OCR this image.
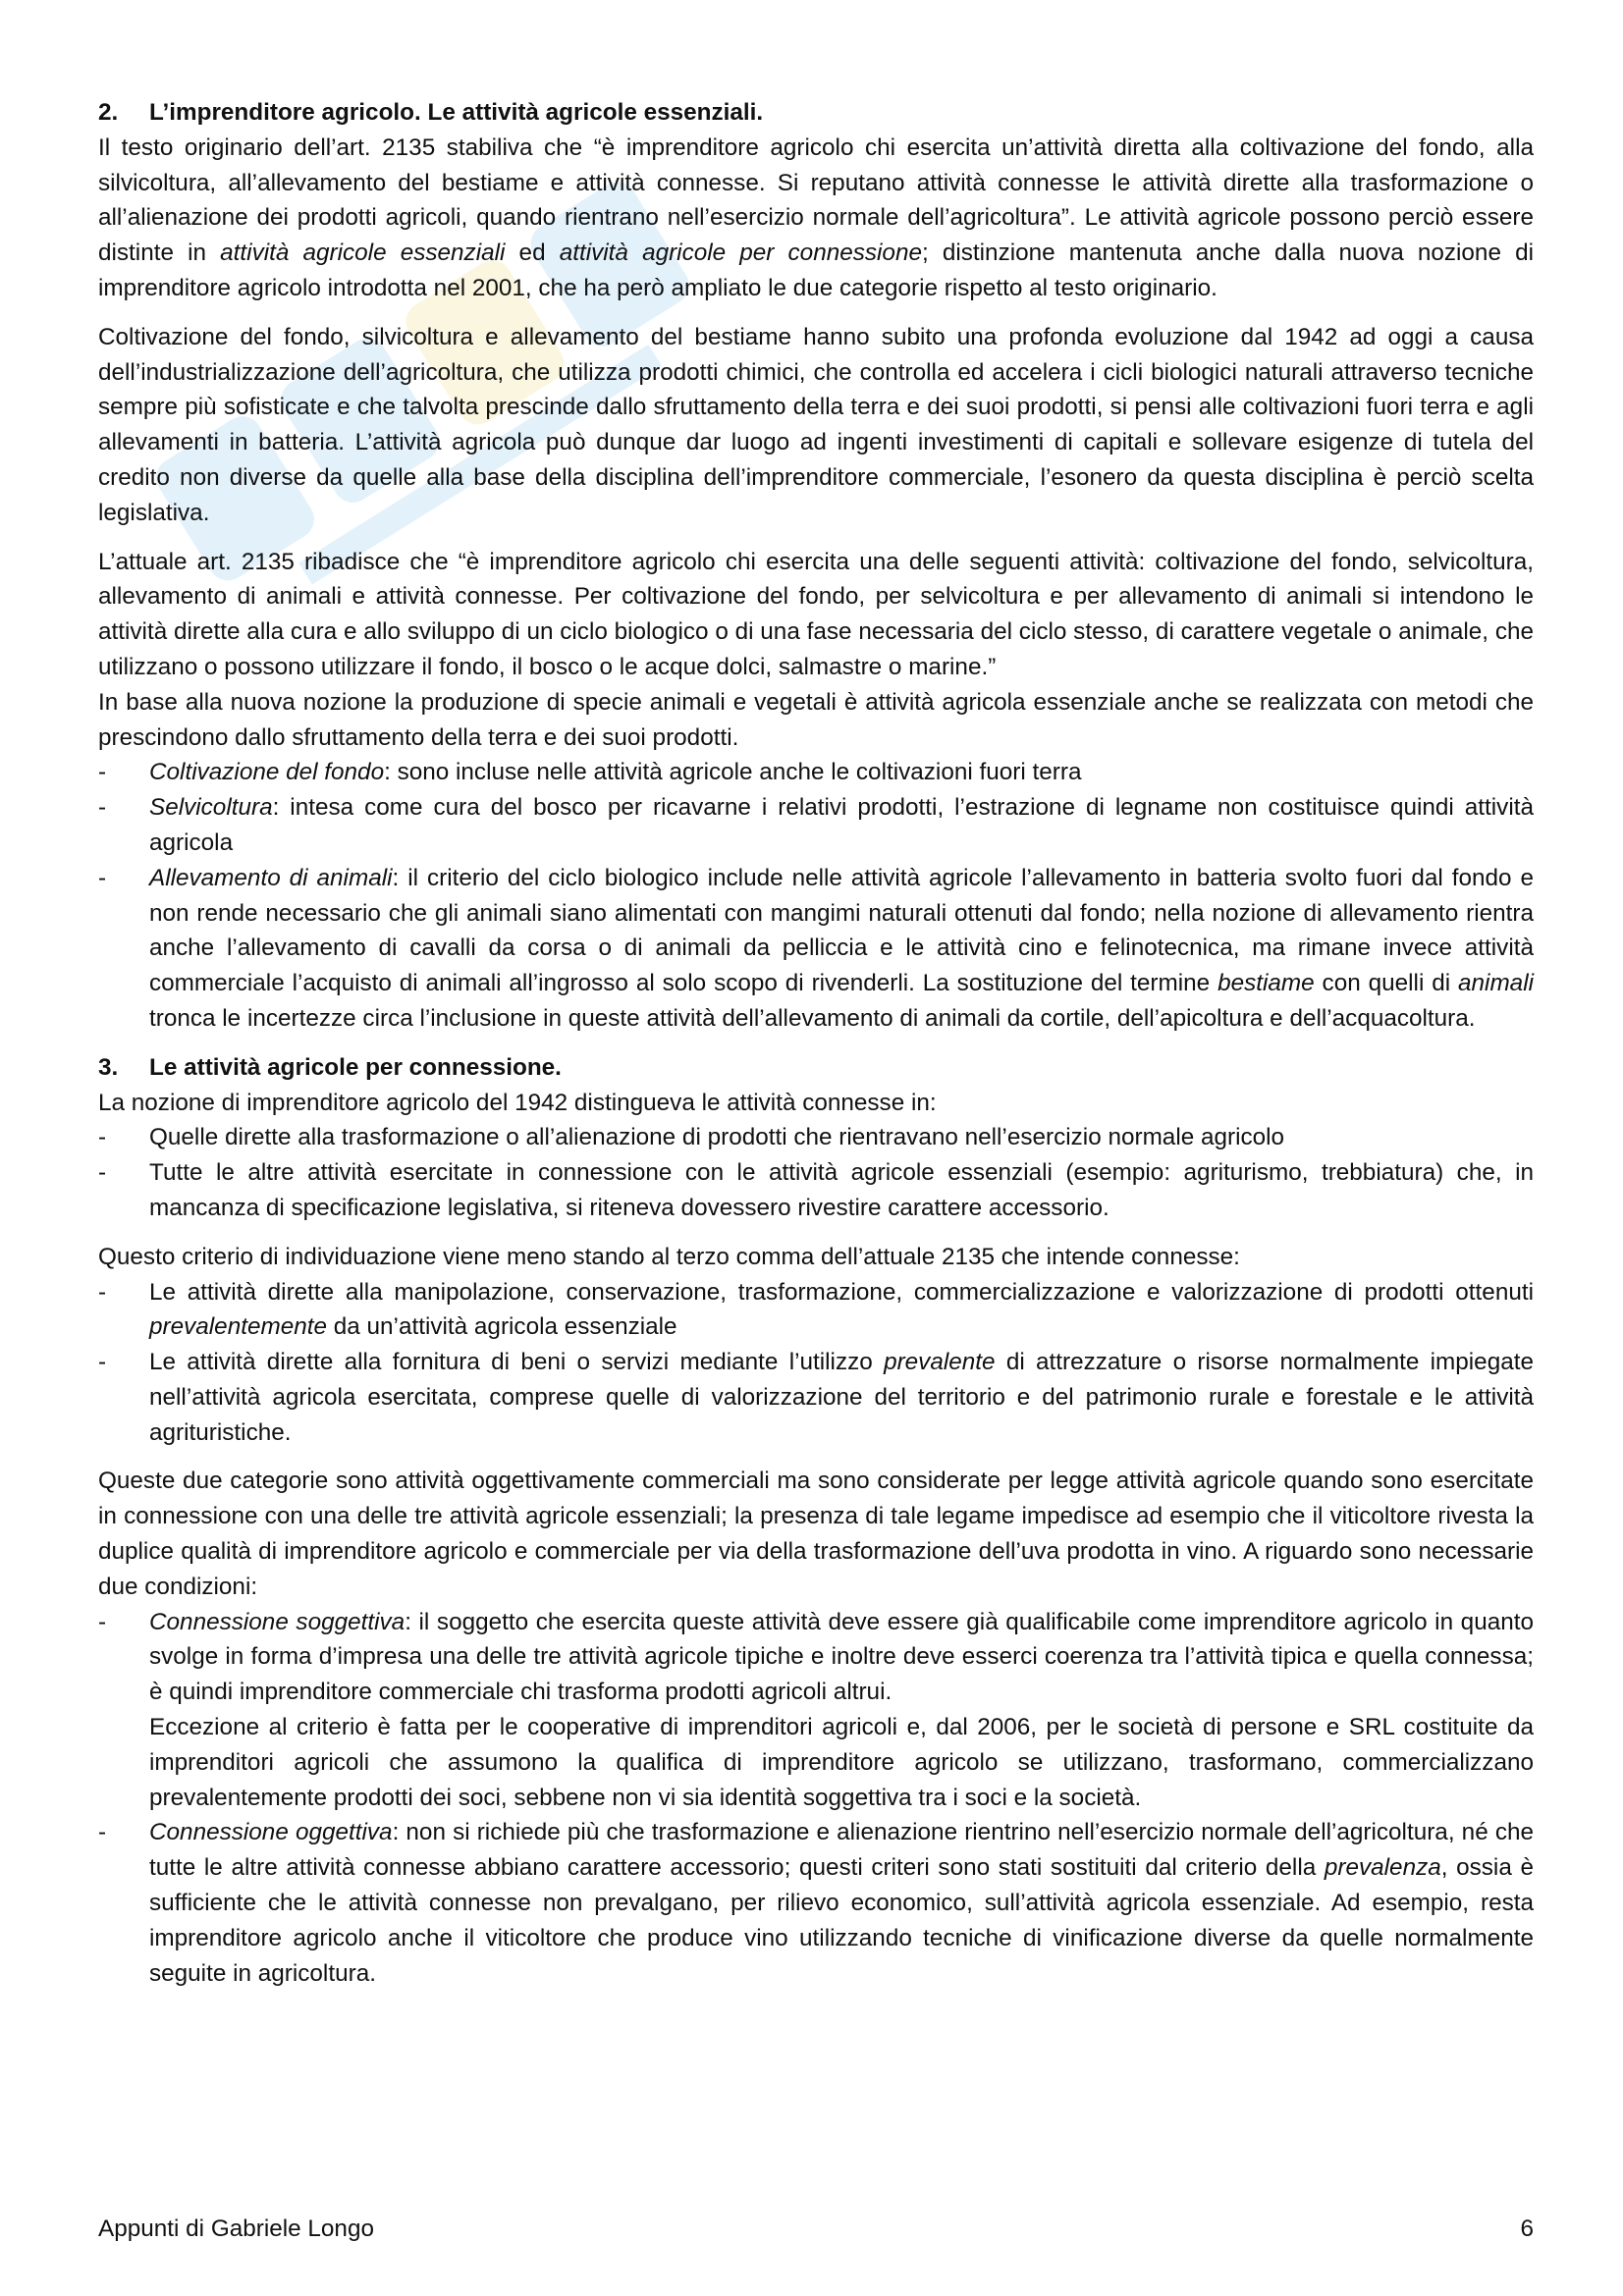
2. L’imprenditore agricolo. Le attività agricole essenziali.

Il testo originario dell’art. 2135 stabiliva che “è imprenditore agricolo chi esercita un’attività diretta alla coltivazione del fondo, alla silvicoltura, all’allevamento del bestiame e attività connesse. Si reputano attività connesse le attività dirette alla trasformazione o all’alienazione dei prodotti agricoli, quando rientrano nell’esercizio normale dell’agricoltura”. Le attività agricole possono perciò essere distinte in attività agricole essenziali ed attività agricole per connessione; distinzione mantenuta anche dalla nuova nozione di imprenditore agricolo introdotta nel 2001, che ha però ampliato le due categorie rispetto al testo originario.

Coltivazione del fondo, silvicoltura e allevamento del bestiame hanno subito una profonda evoluzione dal 1942 ad oggi a causa dell’industrializzazione dell’agricoltura, che utilizza prodotti chimici, che controlla ed accelera i cicli biologici naturali attraverso tecniche sempre più sofisticate e che talvolta prescinde dallo sfruttamento della terra e dei suoi prodotti, si pensi alle coltivazioni fuori terra e agli allevamenti in batteria. L’attività agricola può dunque dar luogo ad ingenti investimenti di capitali e sollevare esigenze di tutela del credito non diverse da quelle alla base della disciplina dell’imprenditore commerciale, l’esonero da questa disciplina è perciò scelta legislativa.

L’attuale art. 2135 ribadisce che “è imprenditore agricolo chi esercita una delle seguenti attività: coltivazione del fondo, selvicoltura, allevamento di animali e attività connesse. Per coltivazione del fondo, per selvicoltura e per allevamento di animali si intendono le attività dirette alla cura e allo sviluppo di un ciclo biologico o di una fase necessaria del ciclo stesso, di carattere vegetale o animale, che utilizzano o possono utilizzare il fondo, il bosco o le acque dolci, salmastre o marine.”

In base alla nuova nozione la produzione di specie animali e vegetali è attività agricola essenziale anche se realizzata con metodi che prescindono dallo sfruttamento della terra e dei suoi prodotti.

- Coltivazione del fondo: sono incluse nelle attività agricole anche le coltivazioni fuori terra
- Selvicoltura: intesa come cura del bosco per ricavarne i relativi prodotti, l’estrazione di legname non costituisce quindi attività agricola
- Allevamento di animali: il criterio del ciclo biologico include nelle attività agricole l’allevamento in batteria svolto fuori dal fondo e non rende necessario che gli animali siano alimentati con mangimi naturali ottenuti dal fondo; nella nozione di allevamento rientra anche l’allevamento di cavalli da corsa o di animali da pelliccia e le attività cino e felinotecnica, ma rimane invece attività commerciale l’acquisto di animali all’ingrosso al solo scopo di rivenderli. La sostituzione del termine bestiame con quelli di animali tronca le incertezze circa l’inclusione in queste attività dell’allevamento di animali da cortile, dell’apicoltura e dell’acquacoltura.
3. Le attività agricole per connessione.

La nozione di imprenditore agricolo del 1942 distingueva le attività connesse in:

- Quelle dirette alla trasformazione o all’alienazione di prodotti che rientravano nell’esercizio normale agricolo
- Tutte le altre attività esercitate in connessione con le attività agricole essenziali (esempio: agriturismo, trebbiatura) che, in mancanza di specificazione legislativa, si riteneva dovessero rivestire carattere accessorio.

Questo criterio di individuazione viene meno stando al terzo comma dell’attuale 2135 che intende connesse:

- Le attività dirette alla manipolazione, conservazione, trasformazione, commercializzazione e valorizzazione di prodotti ottenuti prevalentemente da un’attività agricola essenziale
- Le attività dirette alla fornitura di beni o servizi mediante l’utilizzo prevalente di attrezzature o risorse normalmente impiegate nell’attività agricola esercitata, comprese quelle di valorizzazione del territorio e del patrimonio rurale e forestale e le attività agrituristiche.

Queste due categorie sono attività oggettivamente commerciali ma sono considerate per legge attività agricole quando sono esercitate in connessione con una delle tre attività agricole essenziali; la presenza di tale legame impedisce ad esempio che il viticoltore rivesta la duplice qualità di imprenditore agricolo e commerciale per via della trasformazione dell’uva prodotta in vino. A riguardo sono necessarie due condizioni:

- Connessione soggettiva: il soggetto che esercita queste attività deve essere già qualificabile come imprenditore agricolo in quanto svolge in forma d’impresa una delle tre attività agricole tipiche e inoltre deve esserci coerenza tra l’attività tipica e quella connessa; è quindi imprenditore commerciale chi trasforma prodotti agricoli altrui.
Eccezione al criterio è fatta per le cooperative di imprenditori agricoli e, dal 2006, per le società di persone e SRL costituite da imprenditori agricoli che assumono la qualifica di imprenditore agricolo se utilizzano, trasformano, commercializzano prevalentemente prodotti dei soci, sebbene non vi sia identità soggettiva tra i soci e la società.
- Connessione oggettiva: non si richiede più che trasformazione e alienazione rientrino nell’esercizio normale dell’agricoltura, né che tutte le altre attività connesse abbiano carattere accessorio; questi criteri sono stati sostituiti dal criterio della prevalenza, ossia è sufficiente che le attività connesse non prevalgano, per rilievo economico, sull’attività agricola essenziale. Ad esempio, resta imprenditore agricolo anche il viticoltore che produce vino utilizzando tecniche di vinificazione diverse da quelle normalmente seguite in agricoltura.
Appunti di Gabriele Longo	6
